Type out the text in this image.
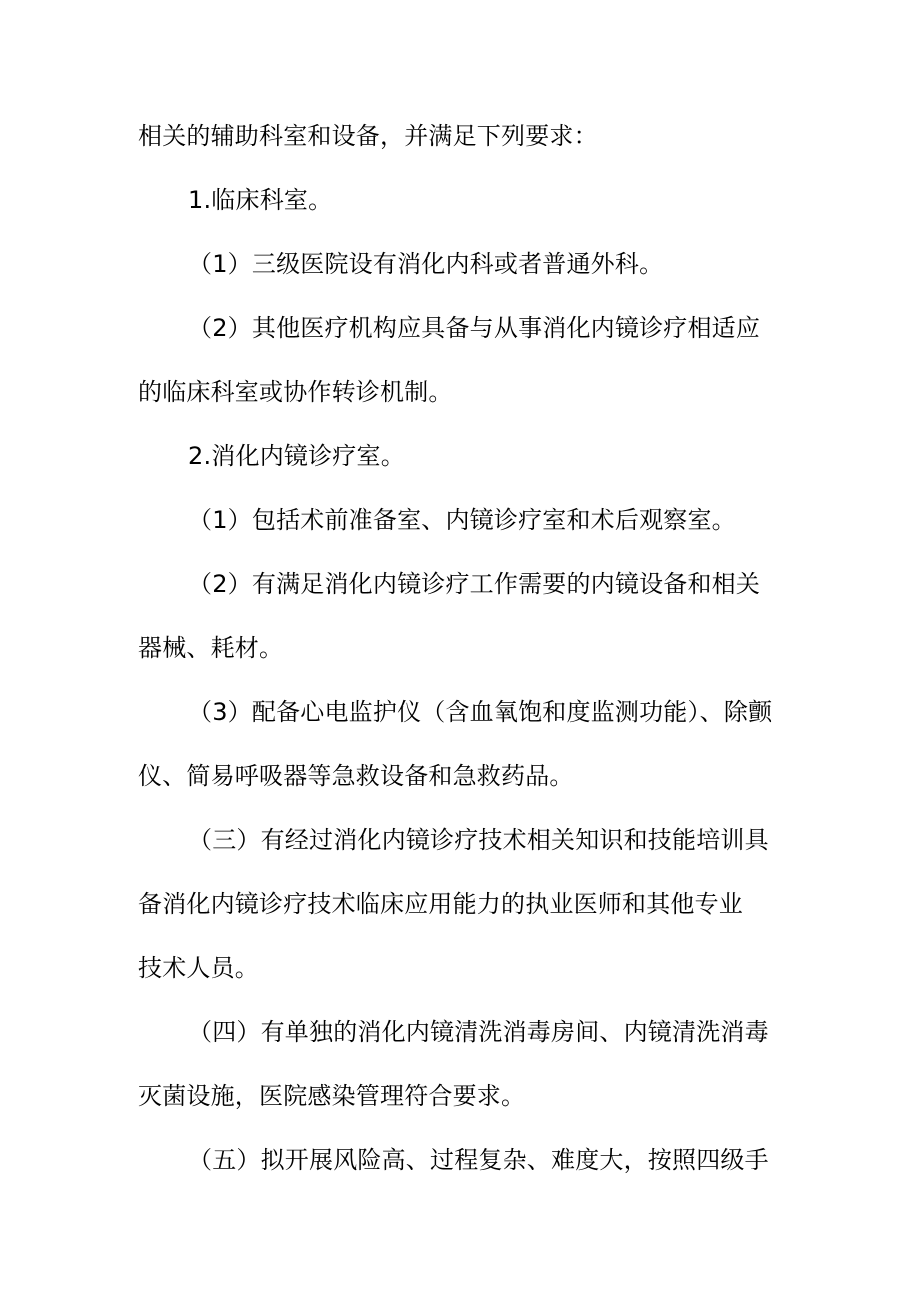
相关的辅助科室和设备，并满足下列要求：
1.临床科室。
（1）三级医院设有消化内科或者普通外科。
（2）其他医疗机构应具备与从事消化内镜诊疗相适应
的临床科室或协作转诊机制。
2.消化内镜诊疗室。
（1）包括术前准备室、内镜诊疗室和术后观察室。
（2）有满足消化内镜诊疗工作需要的内镜设备和相关
器械、耗材。
（3）配备心电监护仪（含血氧饱和度监测功能）、除颤
仪、简易呼吸器等急救设备和急救药品。
（三）有经过消化内镜诊疗技术相关知识和技能培训具
备消化内镜诊疗技术临床应用能力的执业医师和其他专业
技术人员。
（四）有单独的消化内镜清洗消毒房间、内镜清洗消毒
灭菌设施，医院感染管理符合要求。
（五）拟开展风险高、过程复杂、难度大，按照四级手
